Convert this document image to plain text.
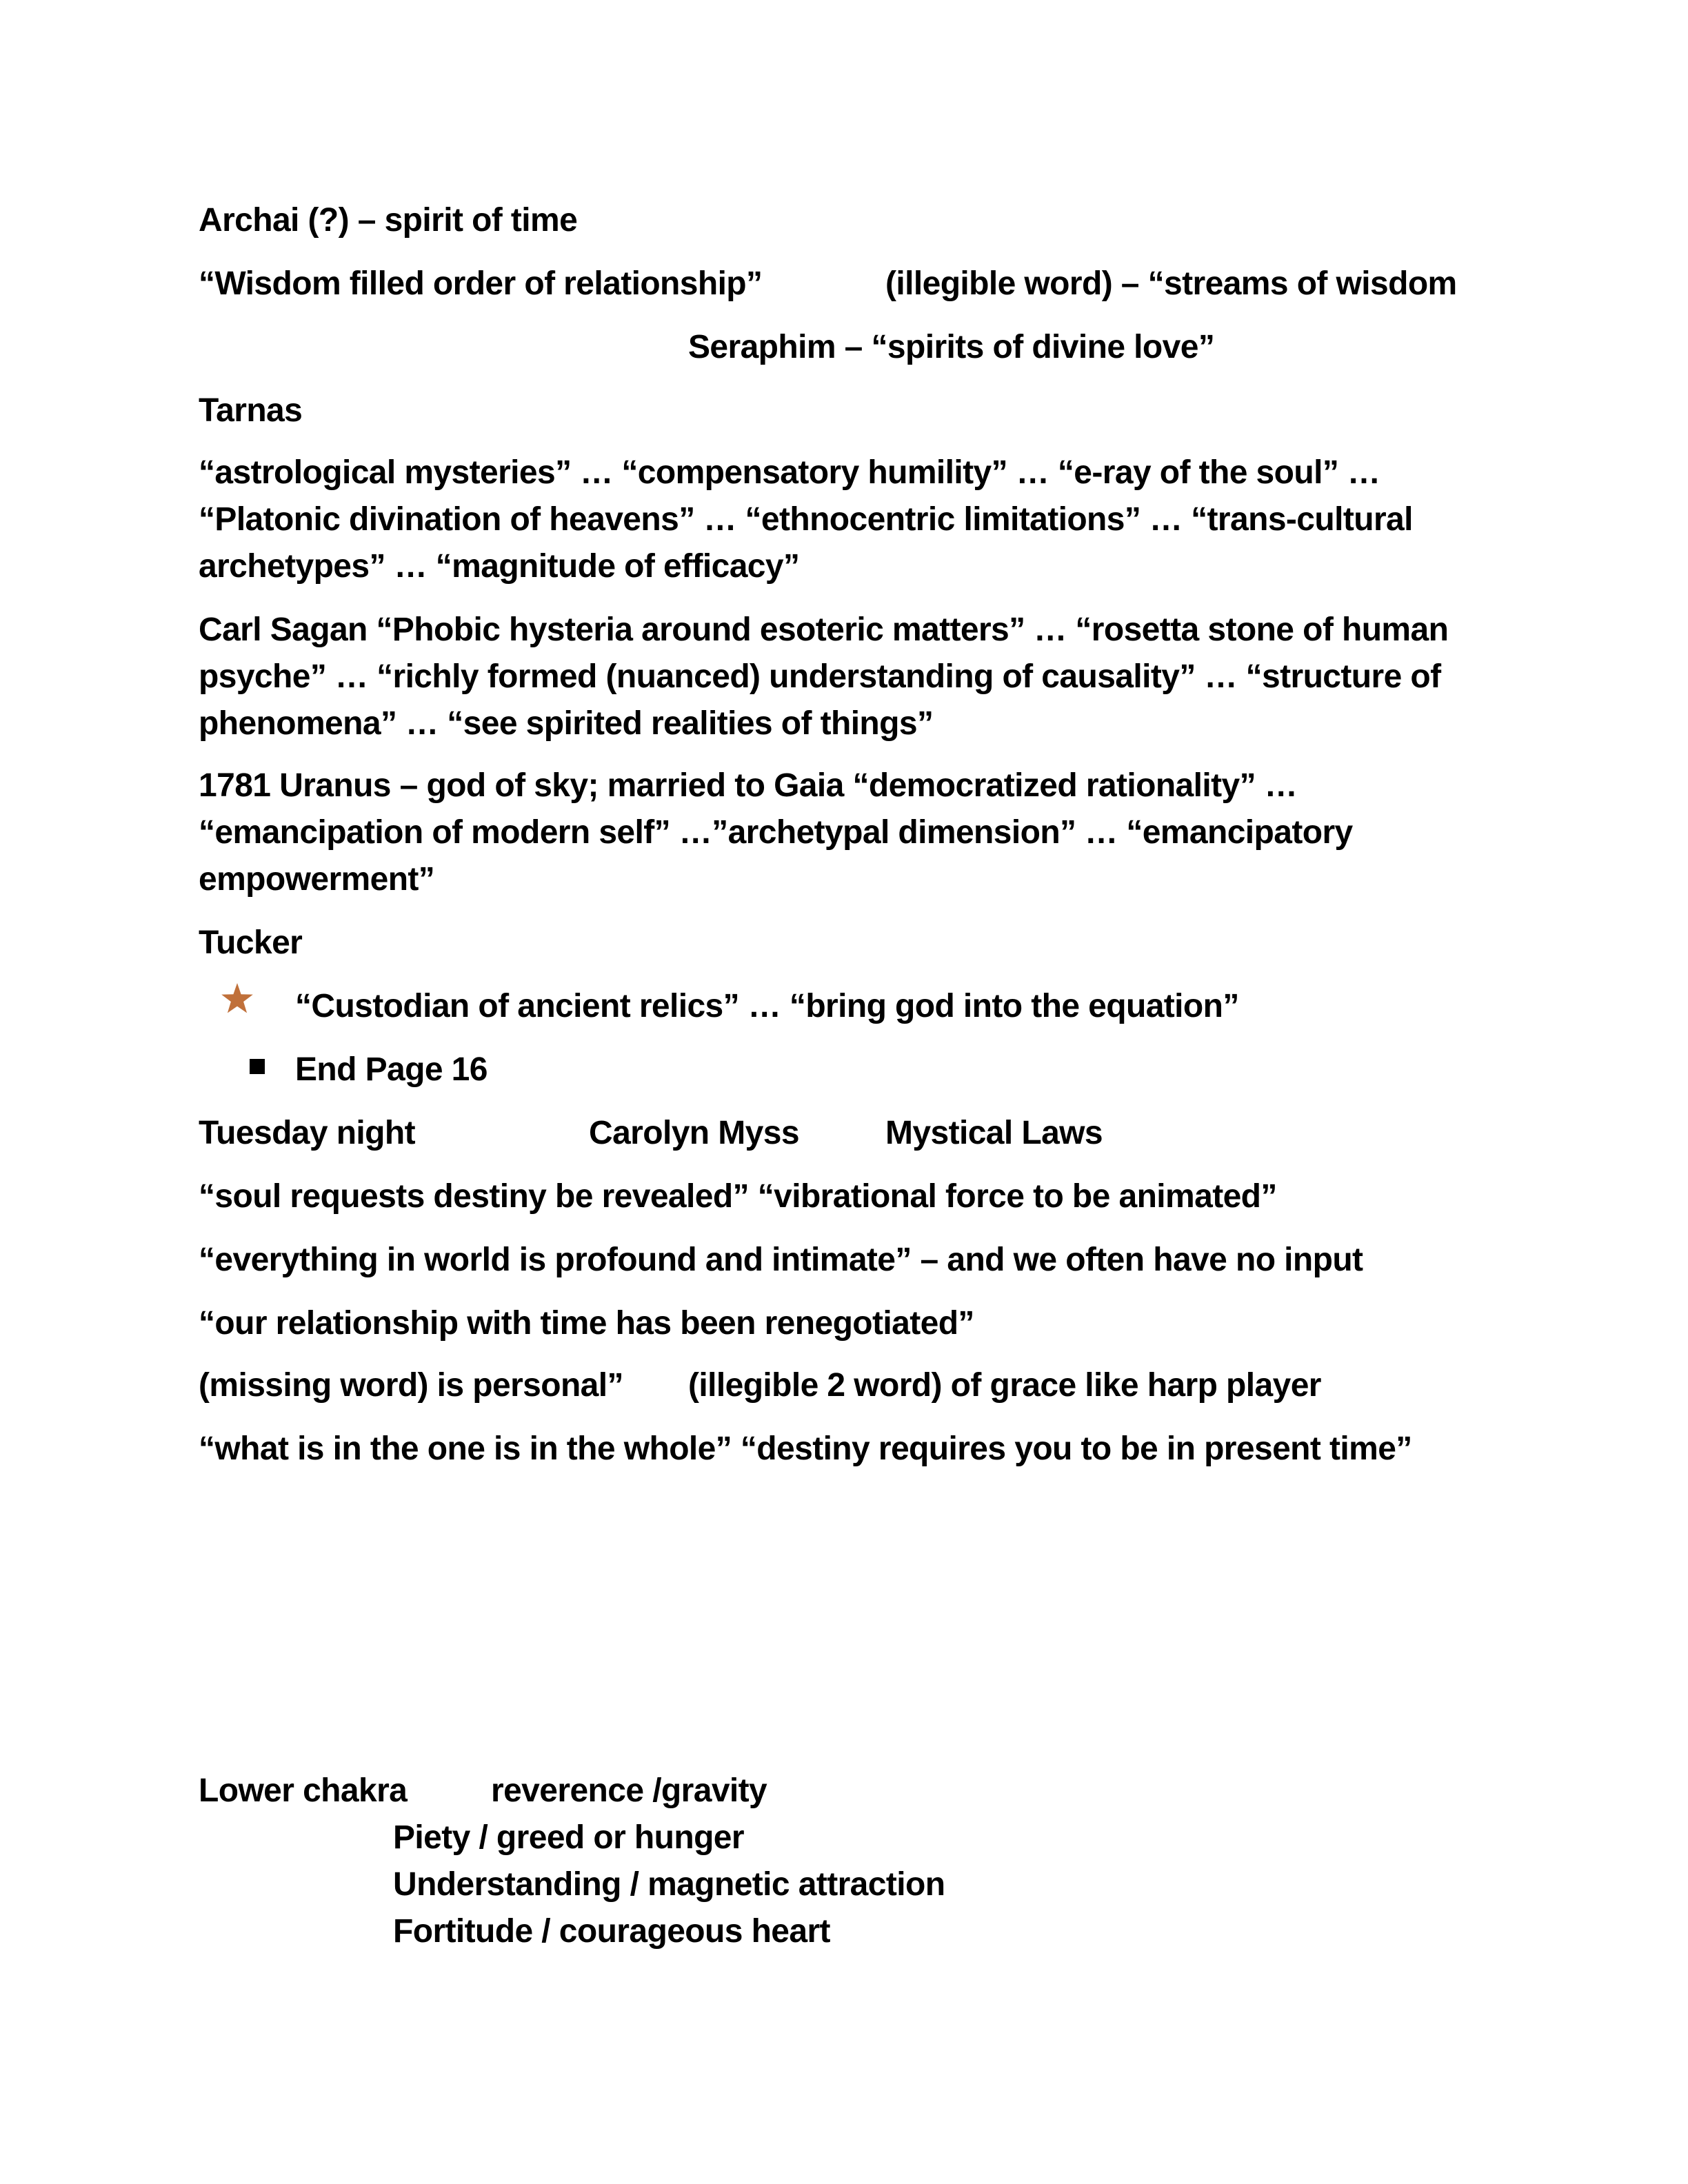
Archai (?) – spirit of time
“Wisdom filled order of relationship”	(illegible word) – “streams of wisdom
Seraphim – “spirits of divine love”
Tarnas
“astrological mysteries” … “compensatory humility” … “e-ray of the soul” …
“Platonic divination of heavens” … “ethnocentric limitations” … “trans-cultural
archetypes” … “magnitude of efficacy”
Carl Sagan “Phobic hysteria around esoteric matters” … “rosetta stone of human
psyche” … “richly formed (nuanced) understanding of causality” … “structure of
phenomena” … “see spirited realities of things”
1781 Uranus – god of sky; married to Gaia “democratized rationality” …
“emancipation of modern self” …”archetypal dimension” … “emancipatory
empowerment”
Tucker
“Custodian of ancient relics” … “bring god into the equation”
End Page 16
Tuesday night	Carolyn Myss	Mystical Laws
“soul requests destiny be revealed” “vibrational force to be animated”
“everything in world is profound and intimate” – and we often have no input
“our relationship with time has been renegotiated”
(missing word) is personal” (illegible 2 word) of grace like harp player
“what is in the one is in the whole” “destiny requires you to be in present time”
Lower chakra	reverence /gravity
Piety / greed or hunger
Understanding / magnetic attraction
Fortitude / courageous heart
